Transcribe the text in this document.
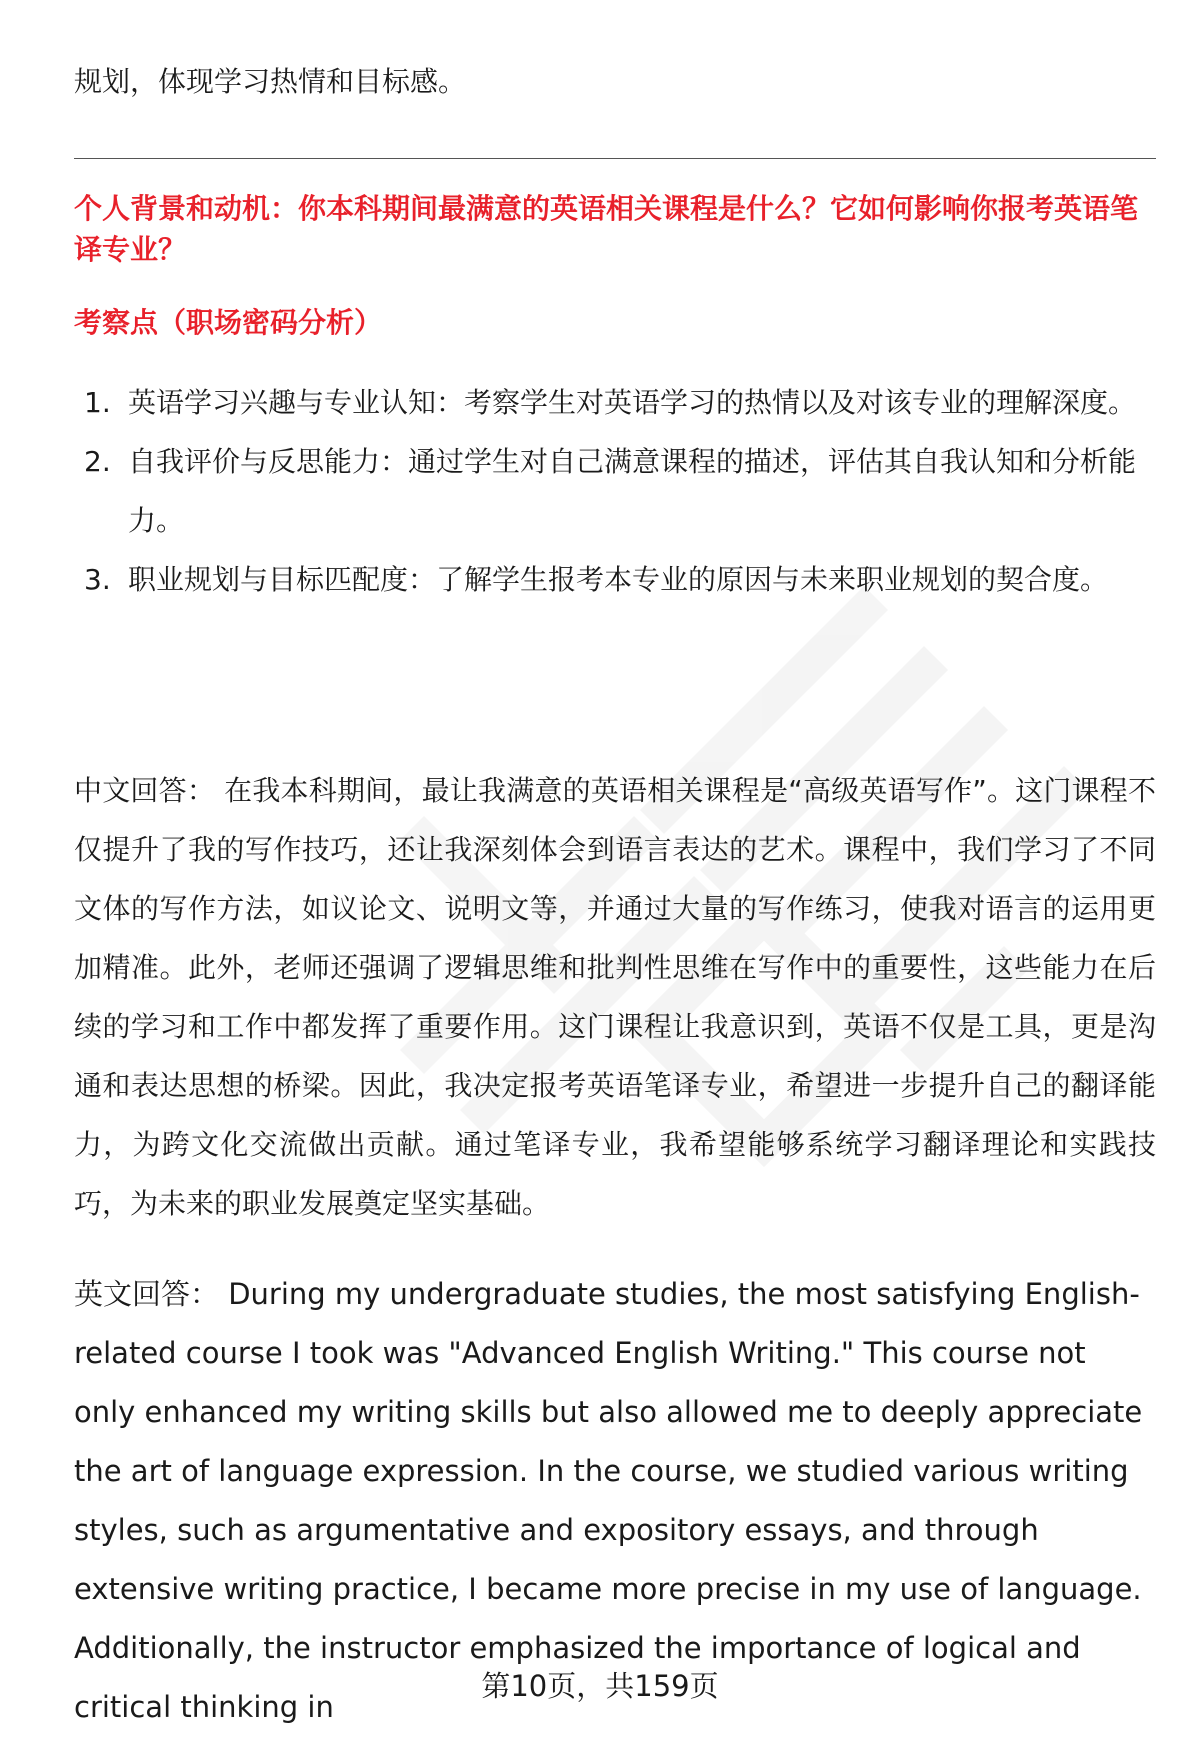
规划，体现学习热情和目标感。

个人背景和动机：你本科期间最满意的英语相关课程是什么？它如何影响你报考英语笔译专业？

考察点（职场密码分析）

1. 英语学习兴趣与专业认知：考察学生对英语学习的热情以及对该专业的理解深度。
2. 自我评价与反思能力：通过学生对自己满意课程的描述，评估其自我认知和分析能力。
3. 职业规划与目标匹配度：了解学生报考本专业的原因与未来职业规划的契合度。

中文回答： 在我本科期间，最让我满意的英语相关课程是“高级英语写作”。这门课程不仅提升了我的写作技巧，还让我深刻体会到语言表达的艺术。课程中，我们学习了不同文体的写作方法，如议论文、说明文等，并通过大量的写作练习，使我对语言的运用更加精准。此外，老师还强调了逻辑思维和批判性思维在写作中的重要性，这些能力在后续的学习和工作中都发挥了重要作用。这门课程让我意识到，英语不仅是工具，更是沟通和表达思想的桥梁。因此，我决定报考英语笔译专业，希望进一步提升自己的翻译能力，为跨文化交流做出贡献。通过笔译专业，我希望能够系统学习翻译理论和实践技巧，为未来的职业发展奠定坚实基础。

英文回答： During my undergraduate studies, the most satisfying English-related course I took was "Advanced English Writing." This course not only enhanced my writing skills but also allowed me to deeply appreciate the art of language expression. In the course, we studied various writing styles, such as argumentative and expository essays, and through extensive writing practice, I became more precise in my use of language. Additionally, the instructor emphasized the importance of logical and critical thinking in

第10页，共159页
